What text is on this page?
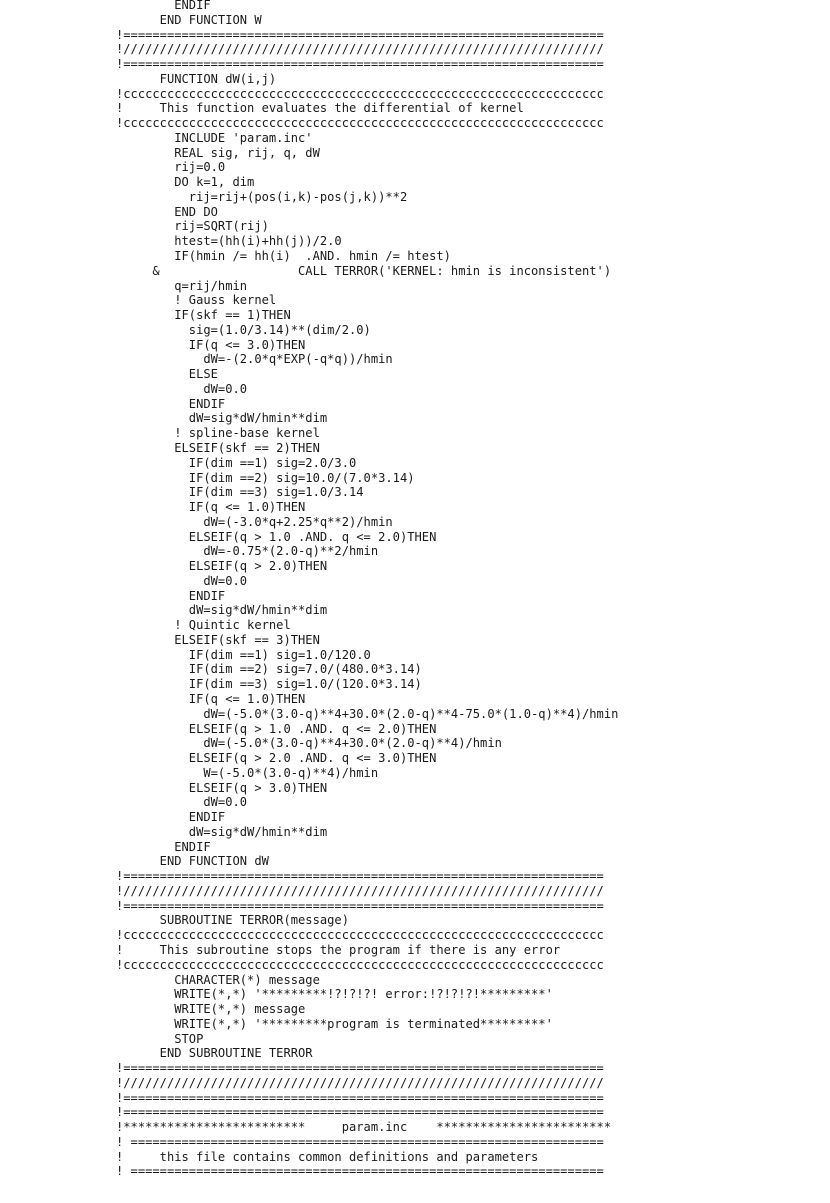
ENDIF
END FUNCTION W
!==================================================================
!//////////////////////////////////////////////////////////////////
!==================================================================
FUNCTION dW(i,j)
!cccccccccccccccccccccccccccccccccccccccccccccccccccccccccccccccccc
!     This function evaluates the differential of kernel
!cccccccccccccccccccccccccccccccccccccccccccccccccccccccccccccccccc
INCLUDE 'param.inc'
REAL sig, rij, q, dW
rij=0.0
DO k=1, dim
rij=rij+(pos(i,k)-pos(j,k))**2
END DO
rij=SQRT(rij)
htest=(hh(i)+hh(j))/2.0
IF(hmin /= hh(i)  .AND. hmin /= htest)
&                   CALL TERROR('KERNEL: hmin is inconsistent')
q=rij/hmin
! Gauss kernel
IF(skf == 1)THEN
sig=(1.0/3.14)**(dim/2.0)
IF(q <= 3.0)THEN
dW=-(2.0*q*EXP(-q*q))/hmin
ELSE
dW=0.0
ENDIF
dW=sig*dW/hmin**dim
! spline-base kernel
ELSEIF(skf == 2)THEN
IF(dim ==1) sig=2.0/3.0
IF(dim ==2) sig=10.0/(7.0*3.14)
IF(dim ==3) sig=1.0/3.14
IF(q <= 1.0)THEN
dW=(-3.0*q+2.25*q**2)/hmin
ELSEIF(q > 1.0 .AND. q <= 2.0)THEN
dW=-0.75*(2.0-q)**2/hmin
ELSEIF(q > 2.0)THEN
dW=0.0
ENDIF
dW=sig*dW/hmin**dim
! Quintic kernel
ELSEIF(skf == 3)THEN
IF(dim ==1) sig=1.0/120.0
IF(dim ==2) sig=7.0/(480.0*3.14)
IF(dim ==3) sig=1.0/(120.0*3.14)
IF(q <= 1.0)THEN
dW=(-5.0*(3.0-q)**4+30.0*(2.0-q)**4-75.0*(1.0-q)**4)/hmin
ELSEIF(q > 1.0 .AND. q <= 2.0)THEN
dW=(-5.0*(3.0-q)**4+30.0*(2.0-q)**4)/hmin
ELSEIF(q > 2.0 .AND. q <= 3.0)THEN
W=(-5.0*(3.0-q)**4)/hmin
ELSEIF(q > 3.0)THEN
dW=0.0
ENDIF
dW=sig*dW/hmin**dim
ENDIF
END FUNCTION dW
!==================================================================
!//////////////////////////////////////////////////////////////////
!==================================================================
SUBROUTINE TERROR(message)
!cccccccccccccccccccccccccccccccccccccccccccccccccccccccccccccccccc
!     This subroutine stops the program if there is any error
!cccccccccccccccccccccccccccccccccccccccccccccccccccccccccccccccccc
CHARACTER(*) message
WRITE(*,*) '*********!?!?!?! error:!?!?!?!*********'
WRITE(*,*) message
WRITE(*,*) '*********program is terminated*********'
STOP
END SUBROUTINE TERROR
!==================================================================
!//////////////////////////////////////////////////////////////////
!==================================================================
!==================================================================
!*************************     param.inc    ************************
! =================================================================
!     this file contains common definitions and parameters
! =================================================================
